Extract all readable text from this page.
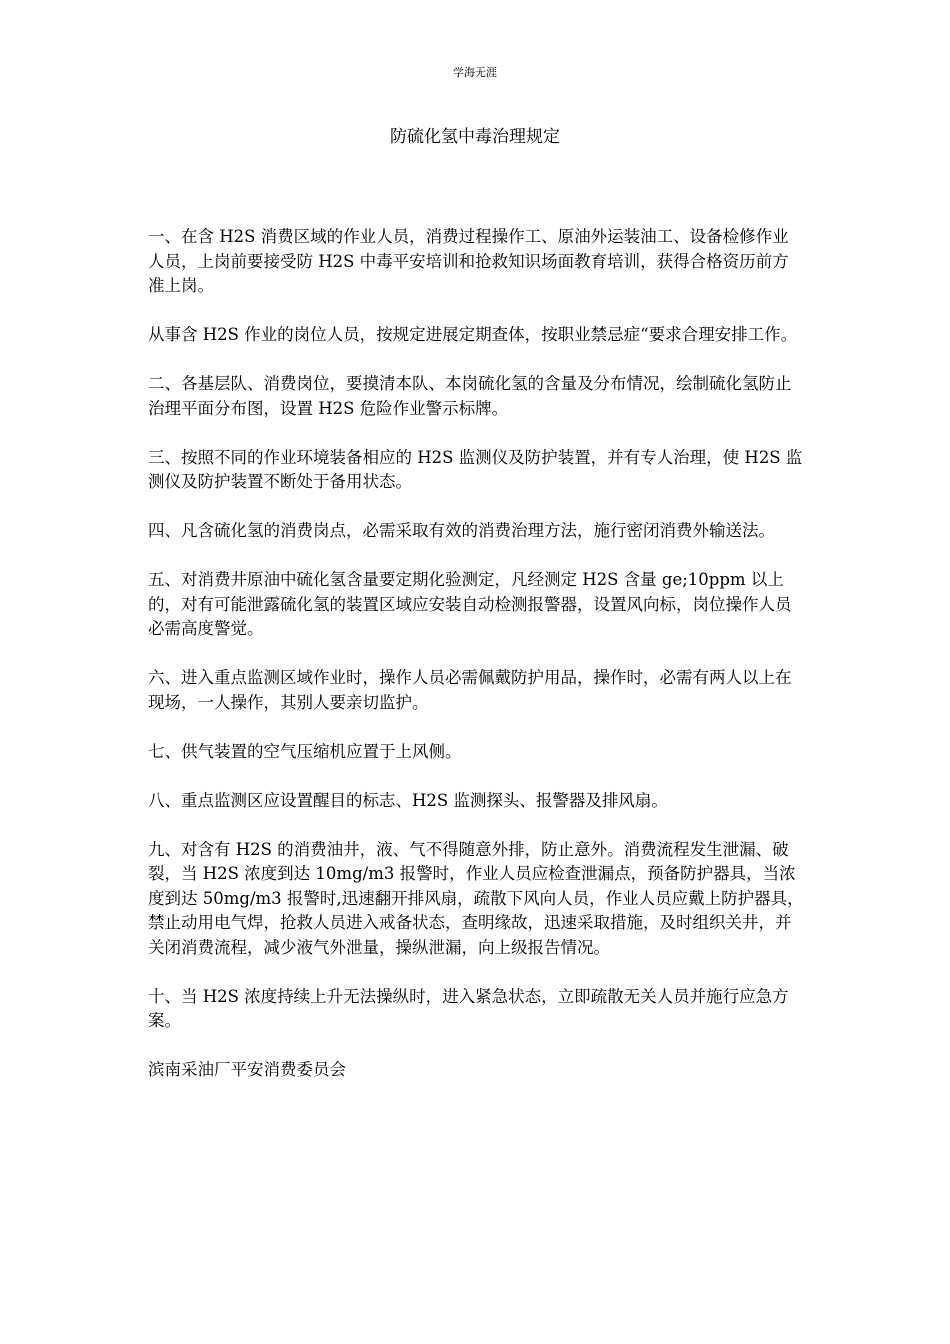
学海无涯
防硫化氢中毒治理规定

一、在含 H2S 消费区域的作业人员，消费过程操作工、原油外运装油工、设备检修作业人员，上岗前要接受防 H2S 中毒平安培训和抢救知识场面教育培训，获得合格资历前方准上岗。

从事含 H2S 作业的岗位人员，按规定进展定期查体，按职业禁忌症“要求合理安排工作。

二、各基层队、消费岗位，要摸清本队、本岗硫化氢的含量及分布情况，绘制硫化氢防止治理平面分布图，设置 H2S 危险作业警示标牌。

三、按照不同的作业环境装备相应的 H2S 监测仪及防护装置，并有专人治理，使 H2S 监测仪及防护装置不断处于备用状态。

四、凡含硫化氢的消费岗点，必需采取有效的消费治理方法，施行密闭消费外输送法。

五、对消费井原油中硫化氢含量要定期化验测定，凡经测定 H2S 含量 ge;10ppm 以上的，对有可能泄露硫化氢的装置区域应安装自动检测报警器，设置风向标，岗位操作人员必需高度警觉。

六、进入重点监测区域作业时，操作人员必需佩戴防护用品，操作时，必需有两人以上在现场，一人操作，其别人要亲切监护。

七、供气装置的空气压缩机应置于上风侧。

八、重点监测区应设置醒目的标志、H2S 监测探头、报警器及排风扇。

九、对含有 H2S 的消费油井，液、气不得随意外排，防止意外。消费流程发生泄漏、破裂，当 H2S 浓度到达 10mg/m3 报警时，作业人员应检查泄漏点，预备防护器具，当浓度到达 50mg/m3 报警时,迅速翻开排风扇，疏散下风向人员，作业人员应戴上防护器具，禁止动用电气焊，抢救人员进入戒备状态，查明缘故，迅速采取措施，及时组织关井，并关闭消费流程，减少液气外泄量，操纵泄漏，向上级报告情况。

十、当 H2S 浓度持续上升无法操纵时，进入紧急状态，立即疏散无关人员并施行应急方案。

滨南采油厂平安消费委员会
